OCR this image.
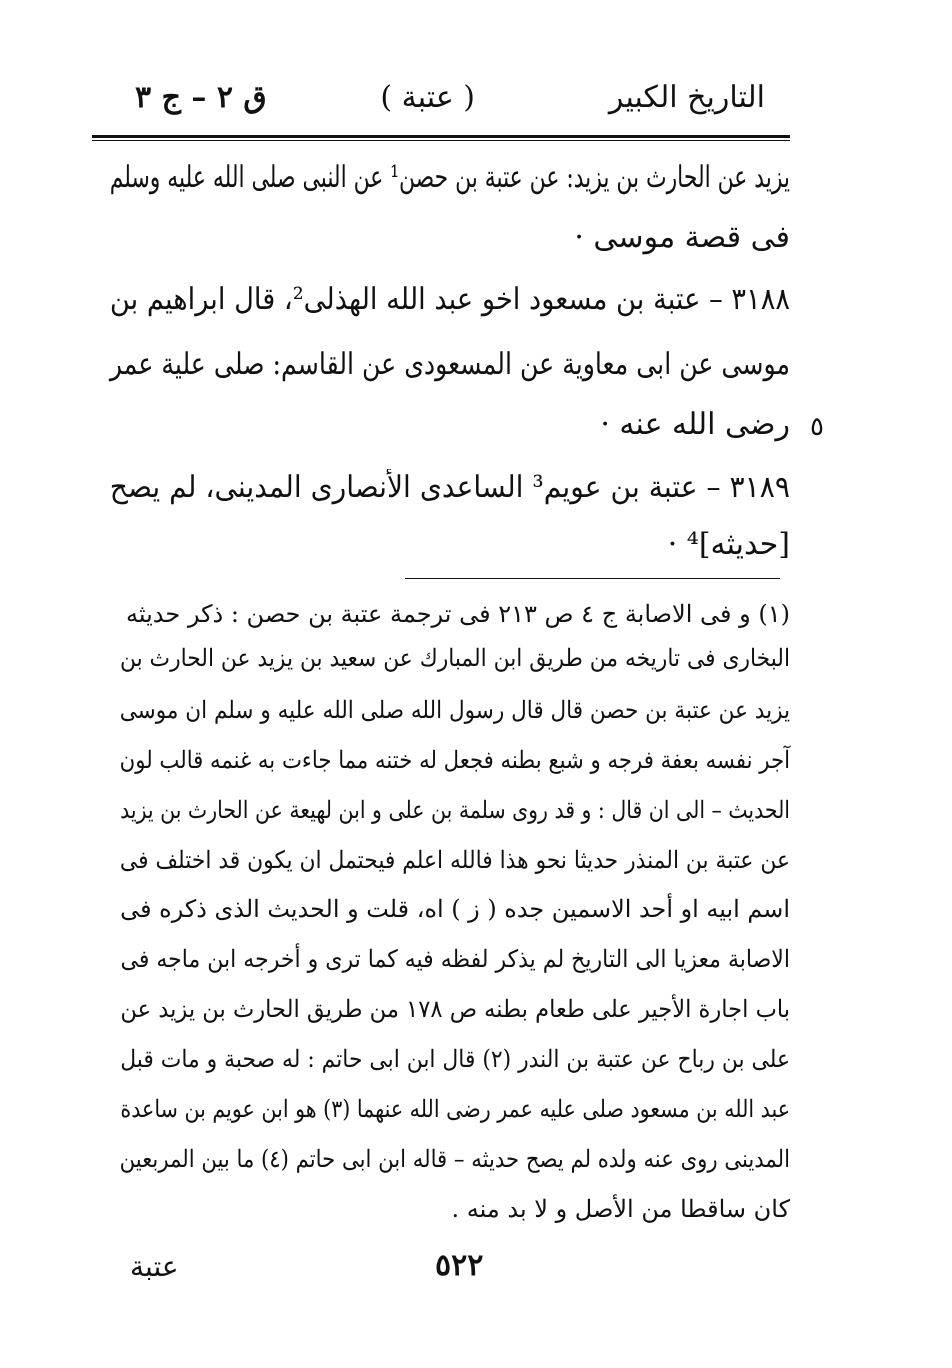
التاريخ الكبير
( عتبة )
ق ٢ – ج ٣
يزيد عن الحارث بن يزيد: عن عتبة بن حصن¹ عن النبى صلى الله عليه وسلم
فى قصة موسى ·
٣١٨٨ – عتبة بن مسعود اخو عبد الله الهذلى²، قال ابراهيم بن
موسى عن ابى معاوية عن المسعودى عن القاسم: صلى علية عمر
رضى الله عنه ·
٣١٨٩ – عتبة بن عويم³ الساعدى الأنصارى المدينى، لم يصح
[حديثه]⁴ ·
٥
(١) و فى الاصابة ج ٤ ص ٢١٣ فى ترجمة عتبة بن حصن : ذكر حديثه
البخارى فى تاريخه من طريق ابن المبارك عن سعيد بن يزيد عن الحارث بن
يزيد عن عتبة بن حصن قال قال رسول الله صلى الله عليه و سلم ان موسى
آجر نفسه بعفة فرجه و شبع بطنه فجعل له ختنه مما جاءت به غنمه قالب لون
الحديث – الى ان قال : و قد روى سلمة بن على و ابن لهيعة عن الحارث بن يزيد
عن عتبة بن المنذر حديثا نحو هذا فالله اعلم فيحتمل ان يكون قد اختلف فى
اسم ابيه او أحد الاسمين جده ( ز ) اه، قلت و الحديث الذى ذكره فى
الاصابة معزيا الى التاريخ لم يذكر لفظه فيه كما ترى و أخرجه ابن ماجه فى
باب اجارة الأجير على طعام بطنه ص ١٧٨ من طريق الحارث بن يزيد عن
على بن رباح عن عتبة بن الندر (٢) قال ابن ابى حاتم : له صحبة و مات قبل
عبد الله بن مسعود صلى عليه عمر رضى الله عنهما (٣) هو ابن عويم بن ساعدة
المدينى روى عنه ولده لم يصح حديثه – قاله ابن ابى حاتم (٤) ما بين المربعين
كان ساقطا من الأصل و لا بد منه .
عتبة	٥٢٢
